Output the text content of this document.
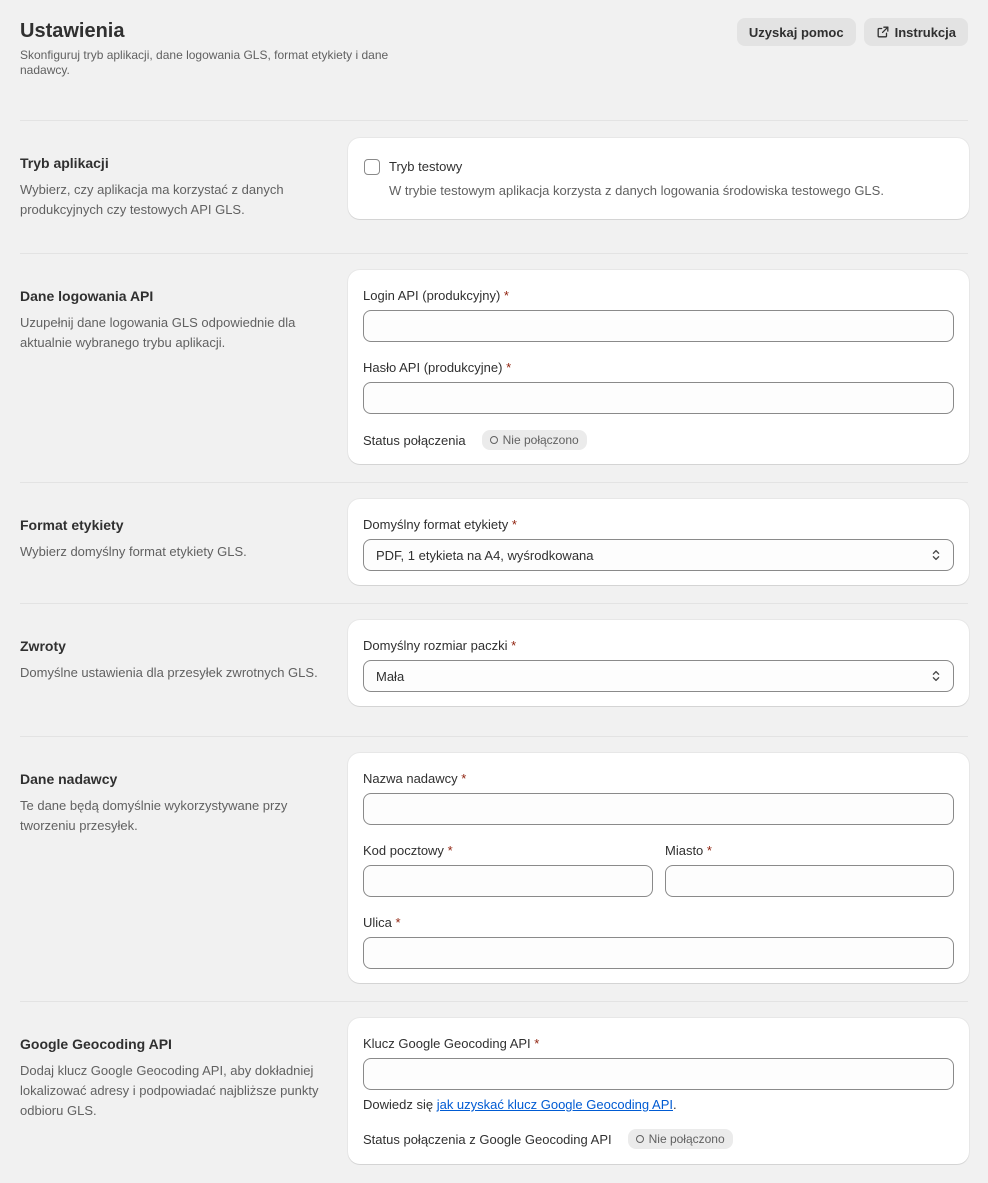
Ustawienia
Skonfiguruj tryb aplikacji, dane logowania GLS, format etykiety i dane nadawcy.
Uzyskaj pomoc	Instrukcja
Tryb aplikacji
Wybierz, czy aplikacja ma korzystać z danych produkcyjnych czy testowych API GLS.
Tryb testowy
W trybie testowym aplikacja korzysta z danych logowania środowiska testowego GLS.
Dane logowania API
Uzupełnij dane logowania GLS odpowiednie dla aktualnie wybranego trybu aplikacji.
Login API (produkcyjny) *
Hasło API (produkcyjne) *
Status połączenia	Nie połączono
Format etykiety
Wybierz domyślny format etykiety GLS.
Domyślny format etykiety *
PDF, 1 etykieta na A4, wyśrodkowana
Zwroty
Domyślne ustawienia dla przesyłek zwrotnych GLS.
Domyślny rozmiar paczki *
Mała
Dane nadawcy
Te dane będą domyślnie wykorzystywane przy tworzeniu przesyłek.
Nazwa nadawcy *
Kod pocztowy *	Miasto *
Ulica *
Google Geocoding API
Dodaj klucz Google Geocoding API, aby dokładniej lokalizować adresy i podpowiadać najbliższe punkty odbioru GLS.
Klucz Google Geocoding API *
Dowiedz się jak uzyskać klucz Google Geocoding API.
Status połączenia z Google Geocoding API	Nie połączono
